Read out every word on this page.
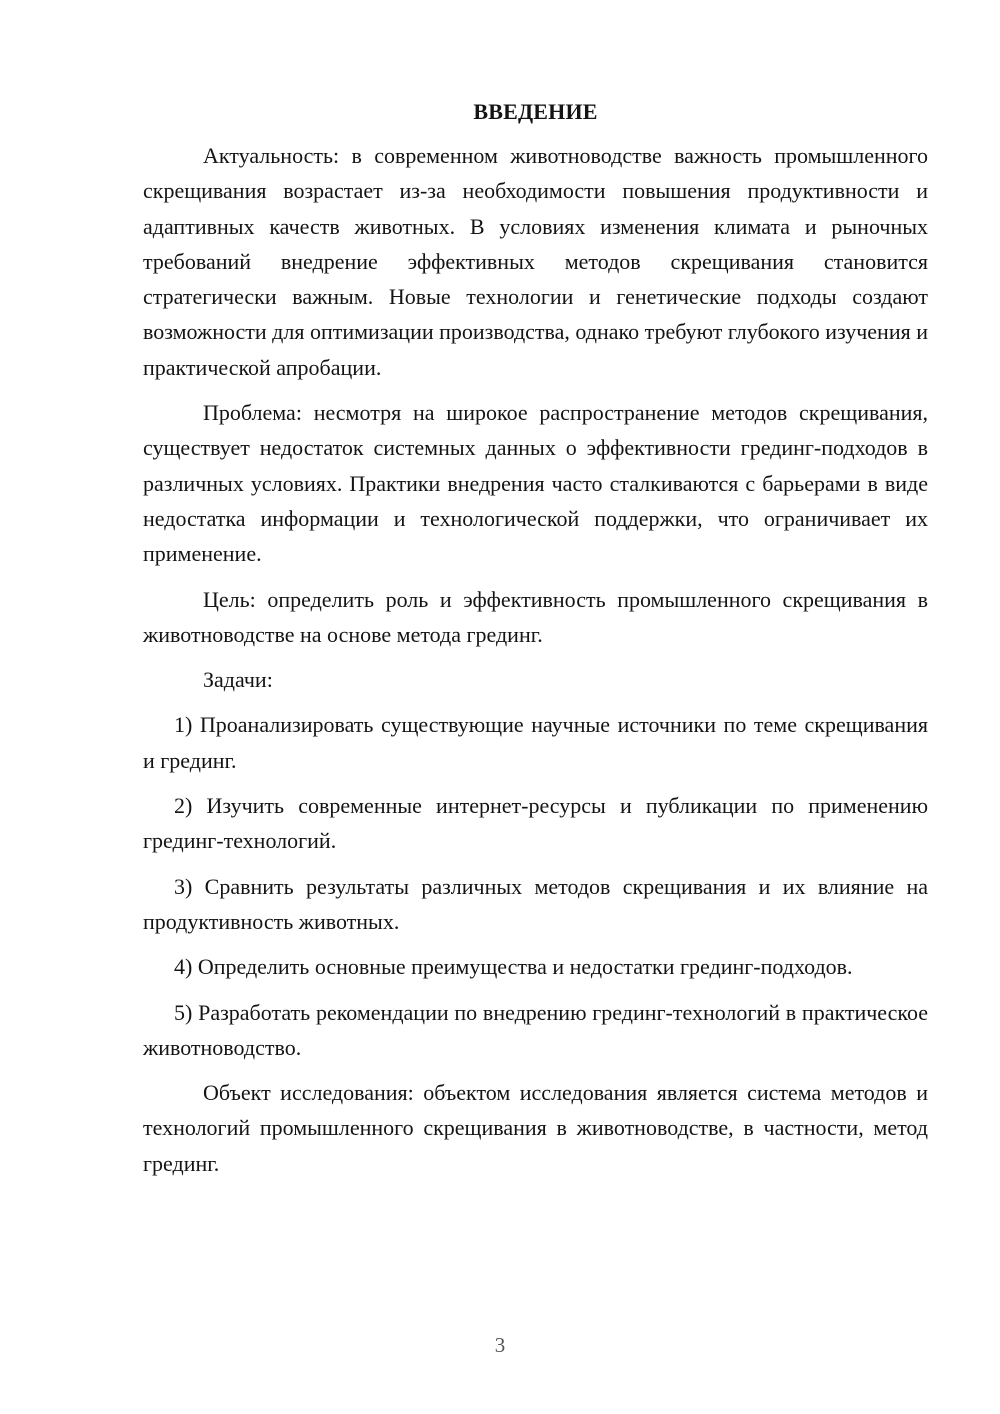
ВВЕДЕНИЕ

Актуальность: в современном животноводстве важность промышленного скрещивания возрастает из-за необходимости повышения продуктивности и адаптивных качеств животных. В условиях изменения климата и рыночных требований внедрение эффективных методов скрещивания становится стратегически важным. Новые технологии и генетические подходы создают возможности для оптимизации производства, однако требуют глубокого изучения и практической апробации.

Проблема: несмотря на широкое распространение методов скрещивания, существует недостаток системных данных о эффективности грединг-подходов в различных условиях. Практики внедрения часто сталкиваются с барьерами в виде недостатка информации и технологической поддержки, что ограничивает их применение.

Цель: определить роль и эффективность промышленного скрещивания в животноводстве на основе метода грединг.

Задачи:

1) Проанализировать существующие научные источники по теме скрещивания и грединг.

2) Изучить современные интернет-ресурсы и публикации по применению грединг-технологий.

3) Сравнить результаты различных методов скрещивания и их влияние на продуктивность животных.

4) Определить основные преимущества и недостатки грединг-подходов.

5) Разработать рекомендации по внедрению грединг-технологий в практическое животноводство.

Объект исследования: объектом исследования является система методов и технологий промышленного скрещивания в животноводстве, в частности, метод грединг.

3
